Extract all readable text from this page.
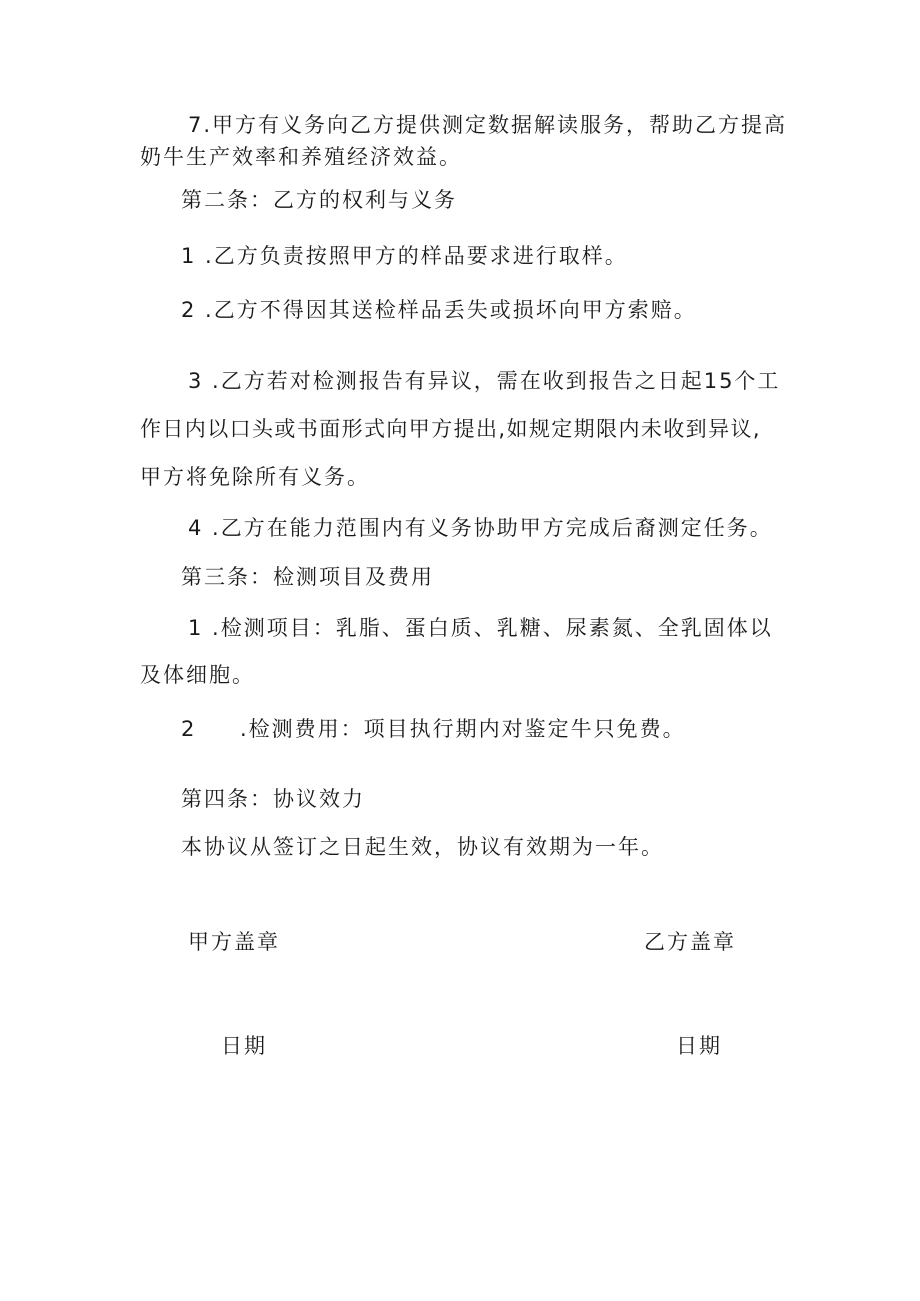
7.甲方有义务向乙方提供测定数据解读服务，帮助乙方提高
奶牛生产效率和养殖经济效益。
第二条：乙方的权利与义务
1 .乙方负责按照甲方的样品要求进行取样。
2 .乙方不得因其送检样品丢失或损坏向甲方索赔。
3 .乙方若对检测报告有异议，需在收到报告之日起15个工
作日内以口头或书面形式向甲方提出,如规定期限内未收到异议,
甲方将免除所有义务。
4 .乙方在能力范围内有义务协助甲方完成后裔测定任务。
第三条：检测项目及费用
1 .检测项目：乳脂、蛋白质、乳糖、尿素氮、全乳固体以
及体细胞。
2 .检测费用：项目执行期内对鉴定牛只免费。
第四条：协议效力
本协议从签订之日起生效，协议有效期为一年。
甲方盖章	乙方盖章
日期	日期
